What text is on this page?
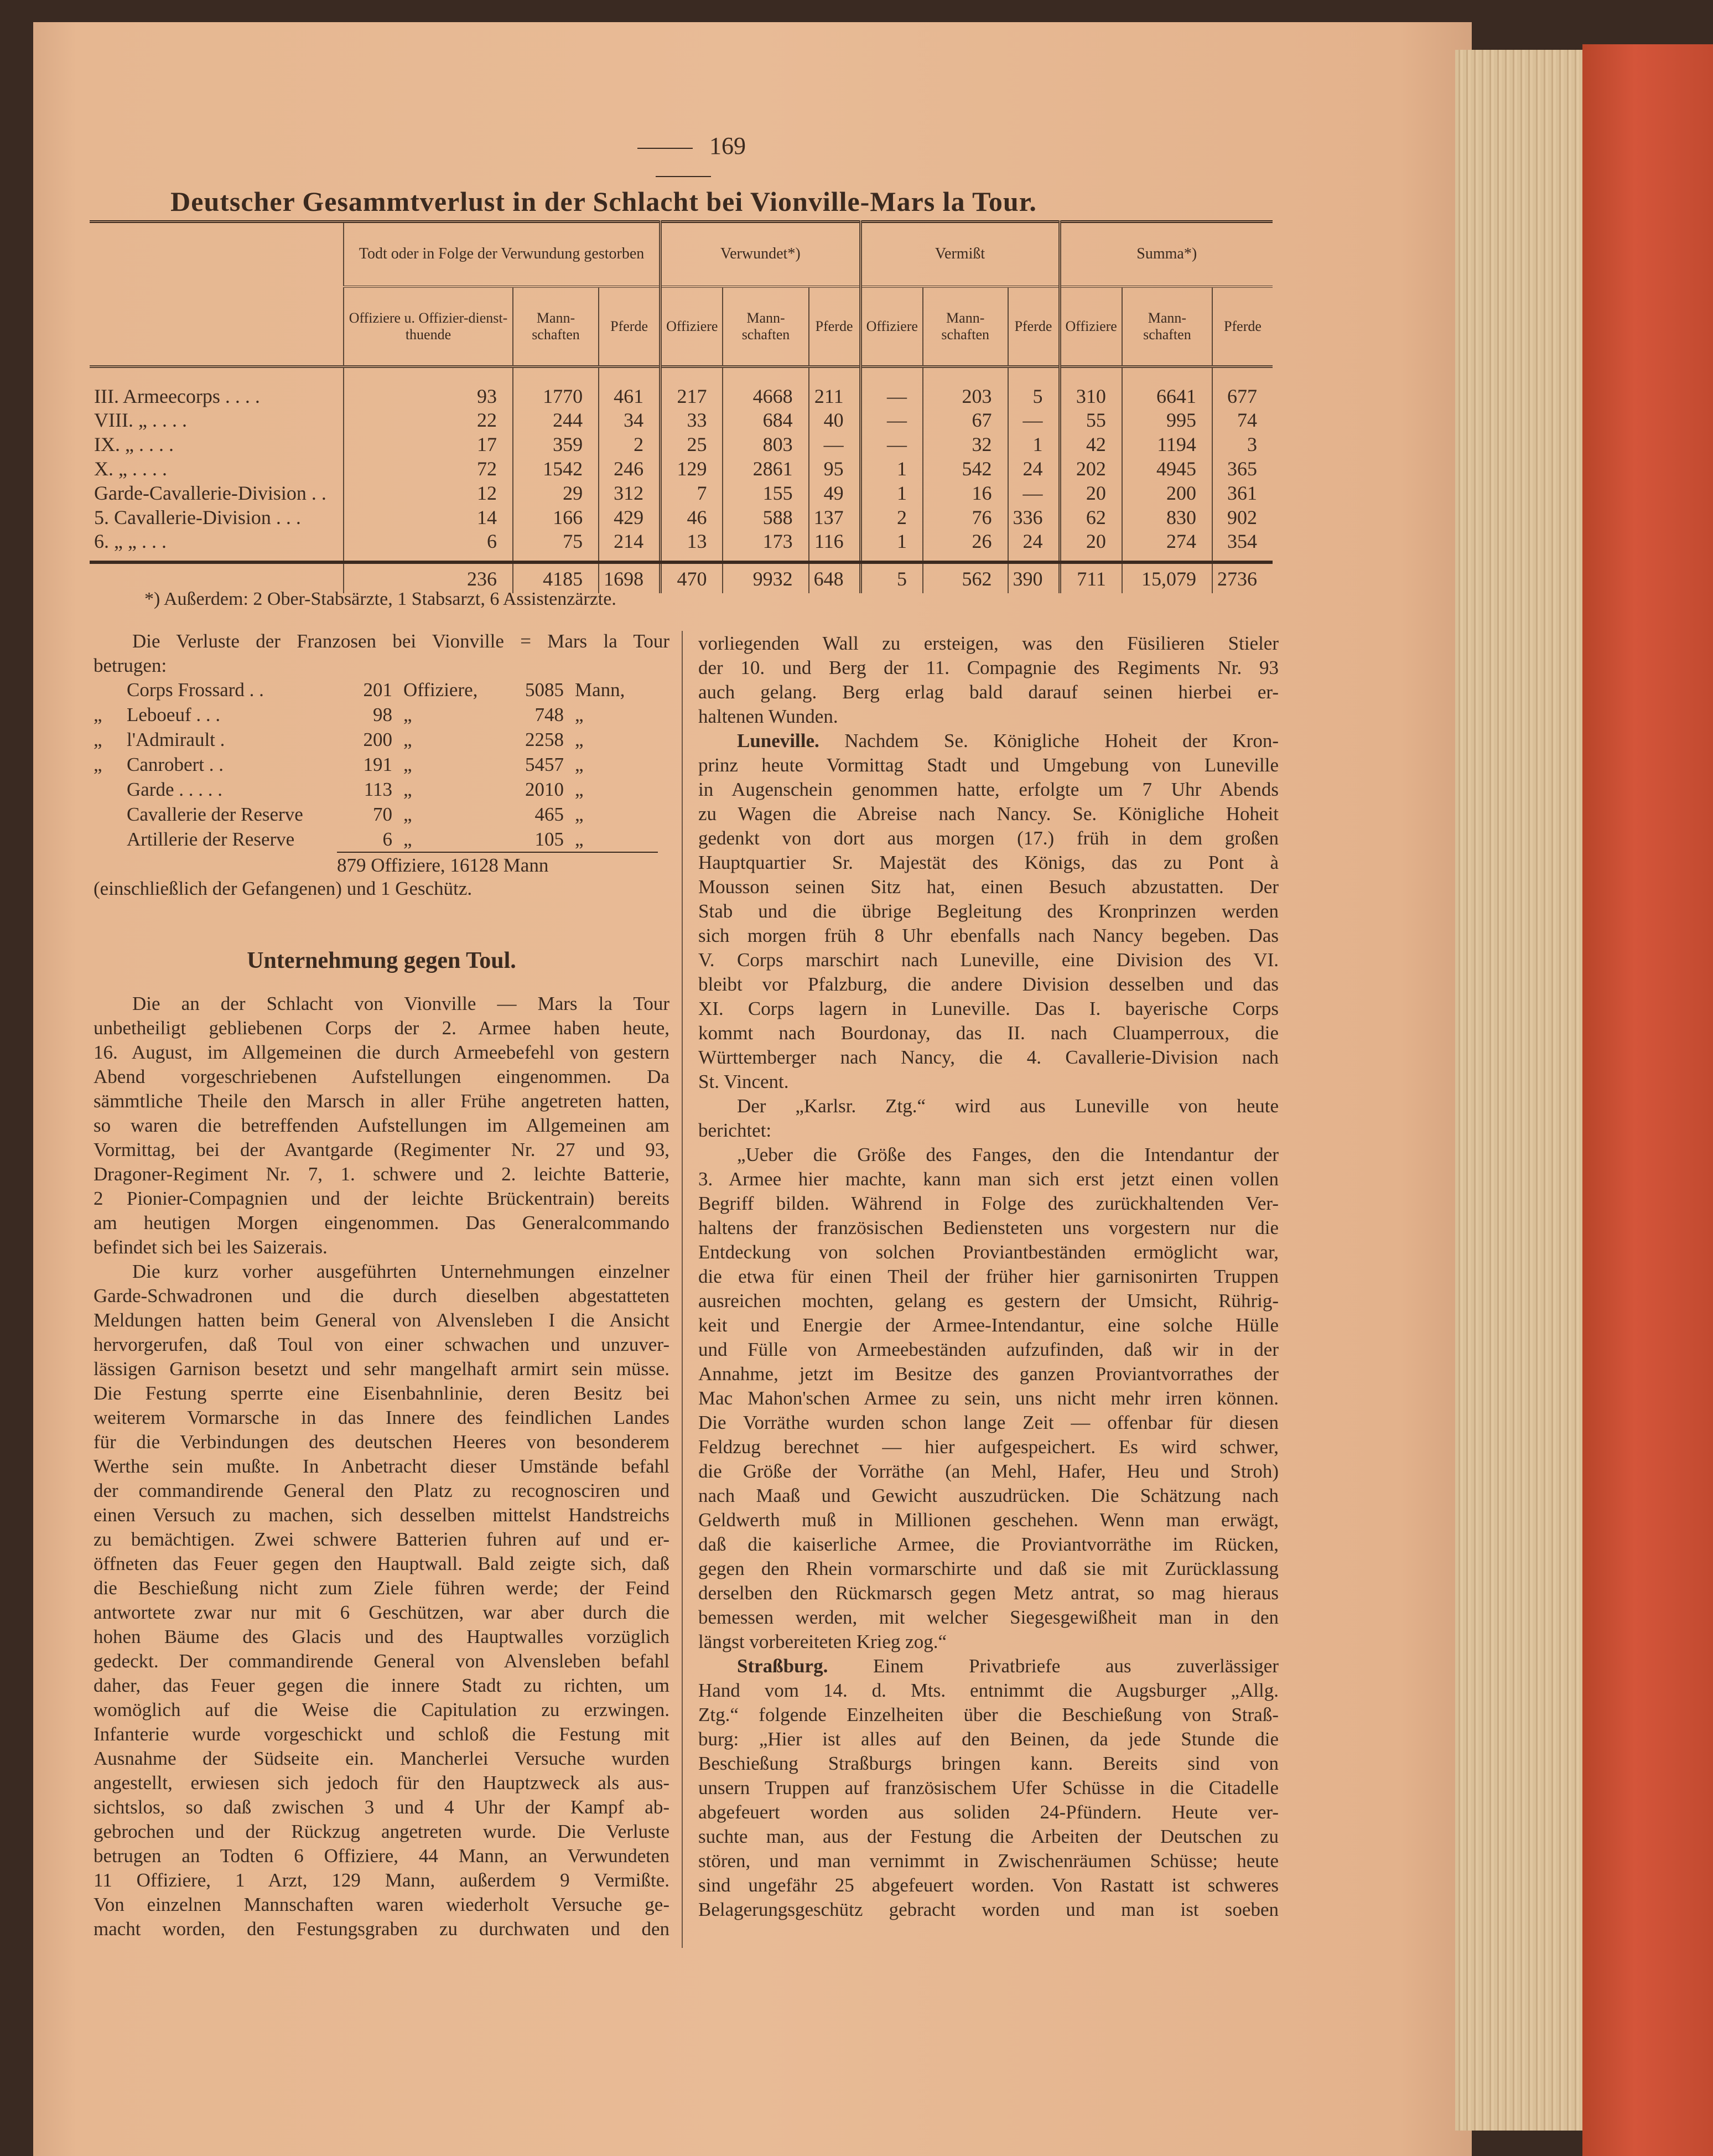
169
Deutscher Gesammtverlust in der Schlacht bei Vionville-Mars la Tour.
	Todt oder in Folge der Verwundung gestorben			Verwundet*)			Vermißt			Summa*)		
	Offiziere u. Offizier-dienst-thuende	Mann-schaften	Pferde	Offiziere	Mann-schaften	Pferde	Offiziere	Mann-schaften	Pferde	Offiziere	Mann-schaften	Pferde
III. Armeecorps . . . .	93	1770	461	217	4668	211	—	203	5	310	6641	677
VIII. „ . . . .	22	244	34	33	684	40	—	67	—	55	995	74
IX. „ . . . .	17	359	2	25	803	—	—	32	1	42	1194	3
X. „ . . . .	72	1542	246	129	2861	95	1	542	24	202	4945	365
Garde-Cavallerie-Division . .	12	29	312	7	155	49	1	16	—	20	200	361
5. Cavallerie-Division . . .	14	166	429	46	588	137	2	76	336	62	830	902
6. „ „ . . .	6	75	214	13	173	116	1	26	24	20	274	354
	236	4185	1698	470	9932	648	5	562	390	711	15,079	2736
*) Außerdem: 2 Ober-Stabsärzte, 1 Stabsarzt, 6 Assistenzärzte.
Die Verluste der Franzosen bei Vionville = Mars la Tour
betrugen:
Corps Frossard . .	201 Offiziere,	5085 Mann,
„	Leboeuf . . .	98 „	748 „
„	l'Admirault .	200 „	2258 „
„	Canrobert . .	191 „	5457 „
Garde . . . . .	113 „	2010 „
Cavallerie der Reserve	70 „	465 „
Artillerie der Reserve	6 „	105 „
879 Offiziere, 16128 Mann
(einschließlich der Gefangenen) und 1 Geschütz.
Unternehmung gegen Toul.
Die an der Schlacht von Vionville — Mars la Tour
unbetheiligt gebliebenen Corps der 2. Armee haben heute,
16. August, im Allgemeinen die durch Armeebefehl von gestern
Abend vorgeschriebenen Aufstellungen eingenommen. Da
sämmtliche Theile den Marsch in aller Frühe angetreten hatten,
so waren die betreffenden Aufstellungen im Allgemeinen am
Vormittag, bei der Avantgarde (Regimenter Nr. 27 und 93,
Dragoner-Regiment Nr. 7, 1. schwere und 2. leichte Batterie,
2 Pionier-Compagnien und der leichte Brückentrain) bereits
am heutigen Morgen eingenommen. Das Generalcommando
befindet sich bei les Saizerais.
Die kurz vorher ausgeführten Unternehmungen einzelner
Garde-Schwadronen und die durch dieselben abgestatteten
Meldungen hatten beim General von Alvensleben I die Ansicht
hervorgerufen, daß Toul von einer schwachen und unzuver-
lässigen Garnison besetzt und sehr mangelhaft armirt sein müsse.
Die Festung sperrte eine Eisenbahnlinie, deren Besitz bei
weiterem Vormarsche in das Innere des feindlichen Landes
für die Verbindungen des deutschen Heeres von besonderem
Werthe sein mußte. In Anbetracht dieser Umstände befahl
der commandirende General den Platz zu recognosciren und
einen Versuch zu machen, sich desselben mittelst Handstreichs
zu bemächtigen. Zwei schwere Batterien fuhren auf und er-
öffneten das Feuer gegen den Hauptwall. Bald zeigte sich, daß
die Beschießung nicht zum Ziele führen werde; der Feind
antwortete zwar nur mit 6 Geschützen, war aber durch die
hohen Bäume des Glacis und des Hauptwalles vorzüglich
gedeckt. Der commandirende General von Alvensleben befahl
daher, das Feuer gegen die innere Stadt zu richten, um
womöglich auf die Weise die Capitulation zu erzwingen.
Infanterie wurde vorgeschickt und schloß die Festung mit
Ausnahme der Südseite ein. Mancherlei Versuche wurden
angestellt, erwiesen sich jedoch für den Hauptzweck als aus-
sichtslos, so daß zwischen 3 und 4 Uhr der Kampf ab-
gebrochen und der Rückzug angetreten wurde. Die Verluste
betrugen an Todten 6 Offiziere, 44 Mann, an Verwundeten
11 Offiziere, 1 Arzt, 129 Mann, außerdem 9 Vermißte.
Von einzelnen Mannschaften waren wiederholt Versuche ge-
macht worden, den Festungsgraben zu durchwaten und den
vorliegenden Wall zu ersteigen, was den Füsilieren Stieler
der 10. und Berg der 11. Compagnie des Regiments Nr. 93
auch gelang. Berg erlag bald darauf seinen hierbei er-
haltenen Wunden.
Luneville. Nachdem Se. Königliche Hoheit der Kron-
prinz heute Vormittag Stadt und Umgebung von Luneville
in Augenschein genommen hatte, erfolgte um 7 Uhr Abends
zu Wagen die Abreise nach Nancy. Se. Königliche Hoheit
gedenkt von dort aus morgen (17.) früh in dem großen
Hauptquartier Sr. Majestät des Königs, das zu Pont à
Mousson seinen Sitz hat, einen Besuch abzustatten. Der
Stab und die übrige Begleitung des Kronprinzen werden
sich morgen früh 8 Uhr ebenfalls nach Nancy begeben. Das
V. Corps marschirt nach Luneville, eine Division des VI.
bleibt vor Pfalzburg, die andere Division desselben und das
XI. Corps lagern in Luneville. Das I. bayerische Corps
kommt nach Bourdonay, das II. nach Cluamperroux, die
Württemberger nach Nancy, die 4. Cavallerie-Division nach
St. Vincent.
Der „Karlsr. Ztg.“ wird aus Luneville von heute
berichtet:
„Ueber die Größe des Fanges, den die Intendantur der
3. Armee hier machte, kann man sich erst jetzt einen vollen
Begriff bilden. Während in Folge des zurückhaltenden Ver-
haltens der französischen Bediensteten uns vorgestern nur die
Entdeckung von solchen Proviantbeständen ermöglicht war,
die etwa für einen Theil der früher hier garnisonirten Truppen
ausreichen mochten, gelang es gestern der Umsicht, Rührig-
keit und Energie der Armee-Intendantur, eine solche Hülle
und Fülle von Armeebeständen aufzufinden, daß wir in der
Annahme, jetzt im Besitze des ganzen Proviantvorrathes der
Mac Mahon'schen Armee zu sein, uns nicht mehr irren können.
Die Vorräthe wurden schon lange Zeit — offenbar für diesen
Feldzug berechnet — hier aufgespeichert. Es wird schwer,
die Größe der Vorräthe (an Mehl, Hafer, Heu und Stroh)
nach Maaß und Gewicht auszudrücken. Die Schätzung nach
Geldwerth muß in Millionen geschehen. Wenn man erwägt,
daß die kaiserliche Armee, die Proviantvorräthe im Rücken,
gegen den Rhein vormarschirte und daß sie mit Zurücklassung
derselben den Rückmarsch gegen Metz antrat, so mag hieraus
bemessen werden, mit welcher Siegesgewißheit man in den
längst vorbereiteten Krieg zog.“
Straßburg. Einem Privatbriefe aus zuverlässiger
Hand vom 14. d. Mts. entnimmt die Augsburger „Allg.
Ztg.“ folgende Einzelheiten über die Beschießung von Straß-
burg: „Hier ist alles auf den Beinen, da jede Stunde die
Beschießung Straßburgs bringen kann. Bereits sind von
unsern Truppen auf französischem Ufer Schüsse in die Citadelle
abgefeuert worden aus soliden 24-Pfündern. Heute ver-
suchte man, aus der Festung die Arbeiten der Deutschen zu
stören, und man vernimmt in Zwischenräumen Schüsse; heute
sind ungefähr 25 abgefeuert worden. Von Rastatt ist schweres
Belagerungsgeschütz gebracht worden und man ist soeben
